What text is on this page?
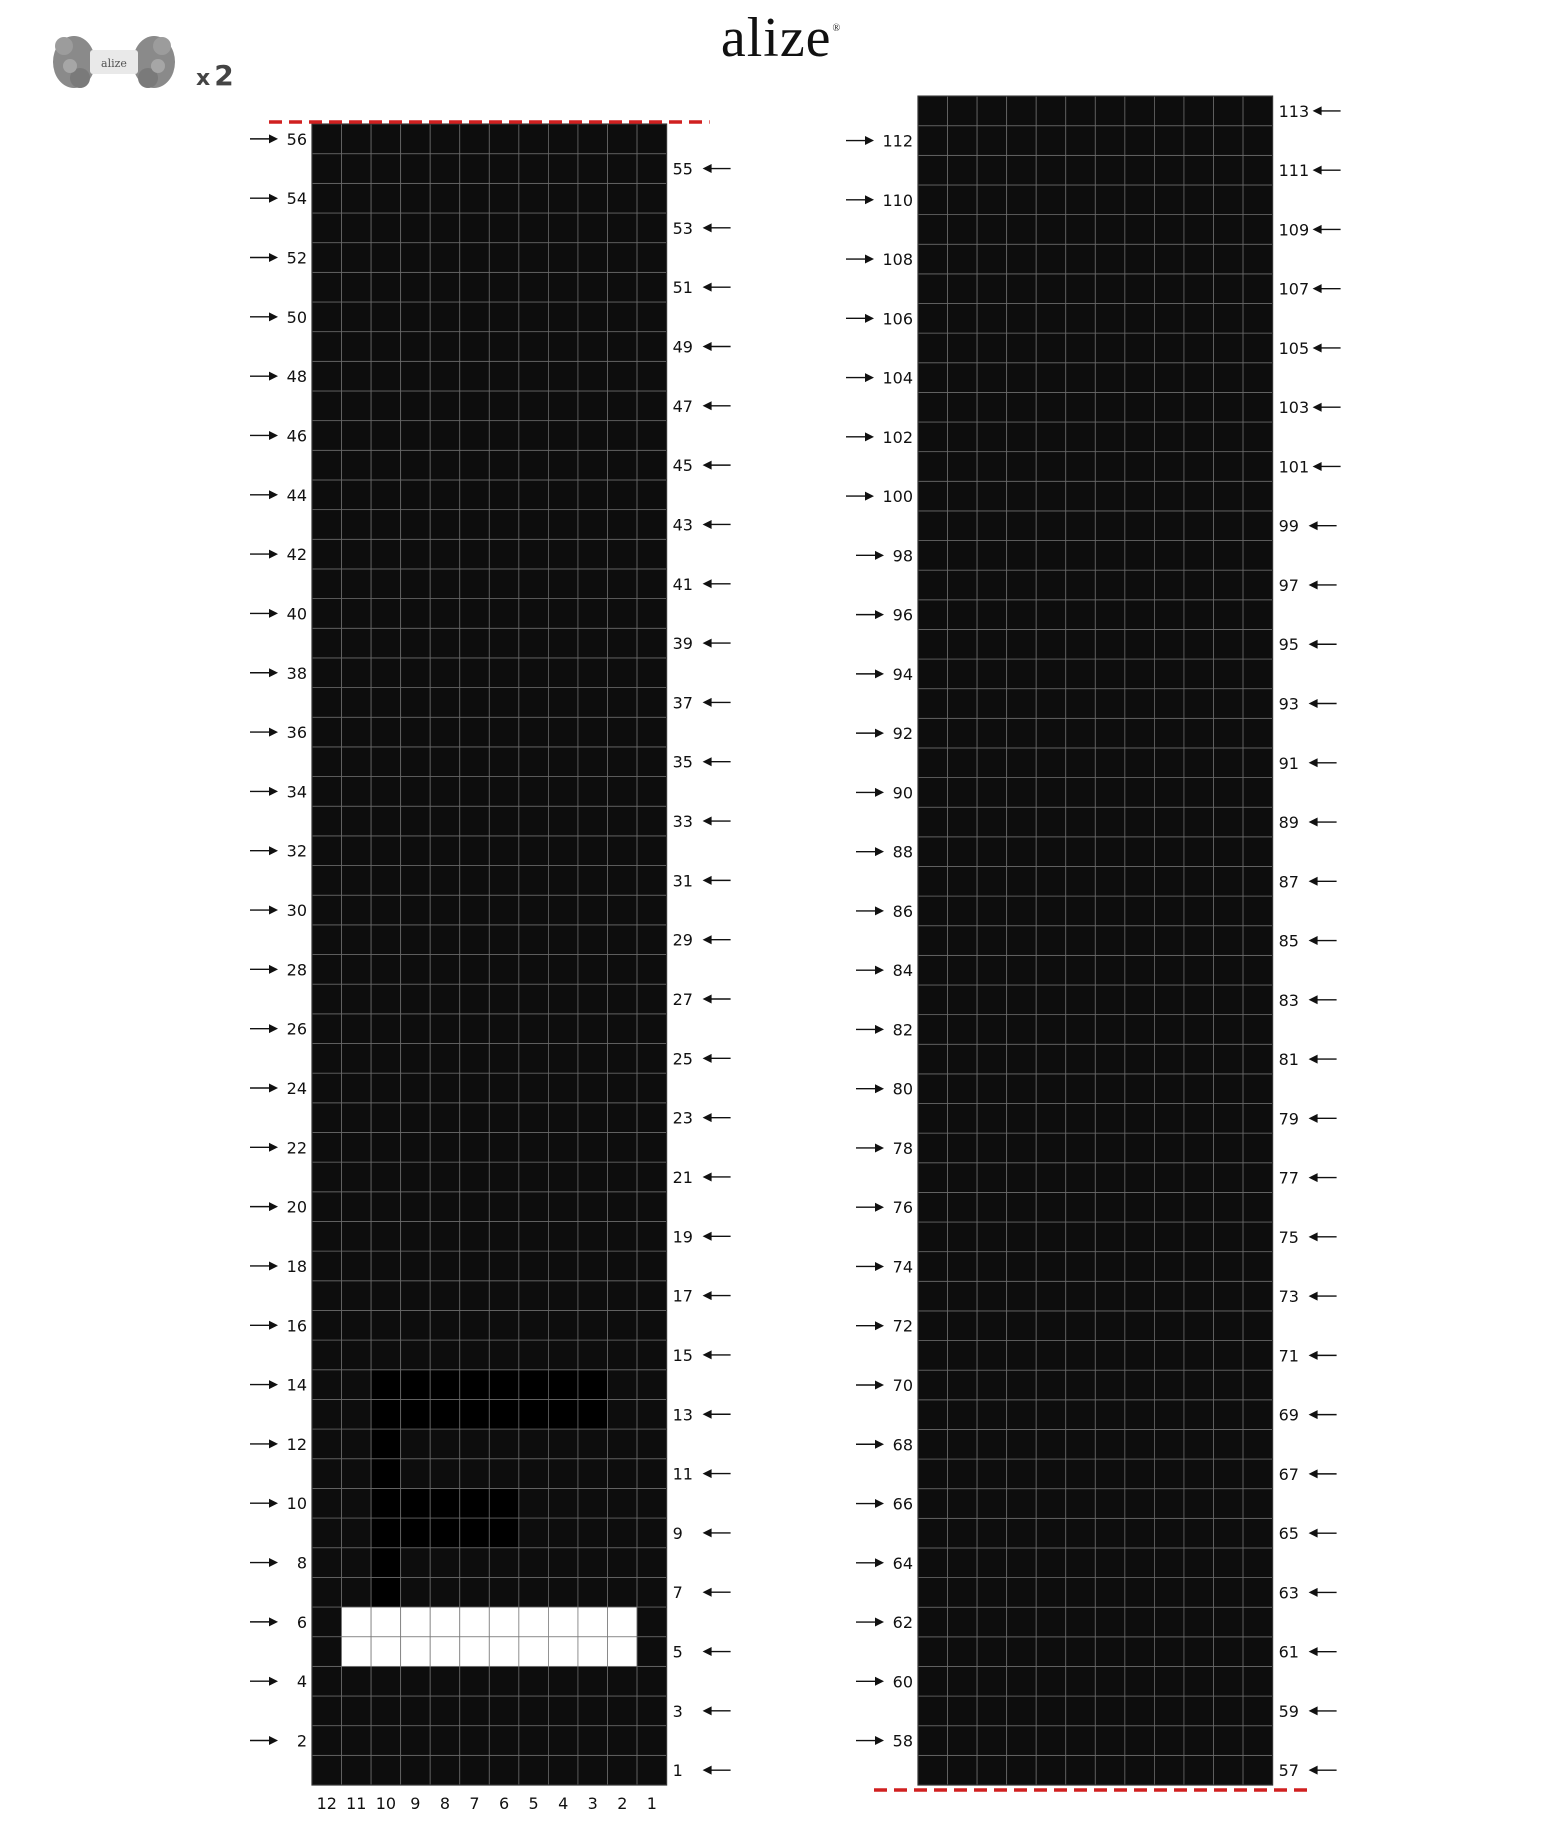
alize®
alize
x 2
1
2
3
4
5
6
7
8
9
10
11
12
13
14
15
16
17
18
19
20
21
22
23
24
25
26
27
28
29
30
31
32
33
34
35
36
37
38
39
40
41
42
43
44
45
46
47
48
49
50
51
52
53
54
55
56
57
58
59
60
61
62
63
64
65
66
67
68
69
70
71
72
73
74
75
76
77
78
79
80
81
82
83
84
85
86
87
88
89
90
91
92
93
94
95
96
97
98
99
100
101
102
103
104
105
106
107
108
109
110
111
112
113
12 11 10 9 8 7 6 5 4 3 2 1
